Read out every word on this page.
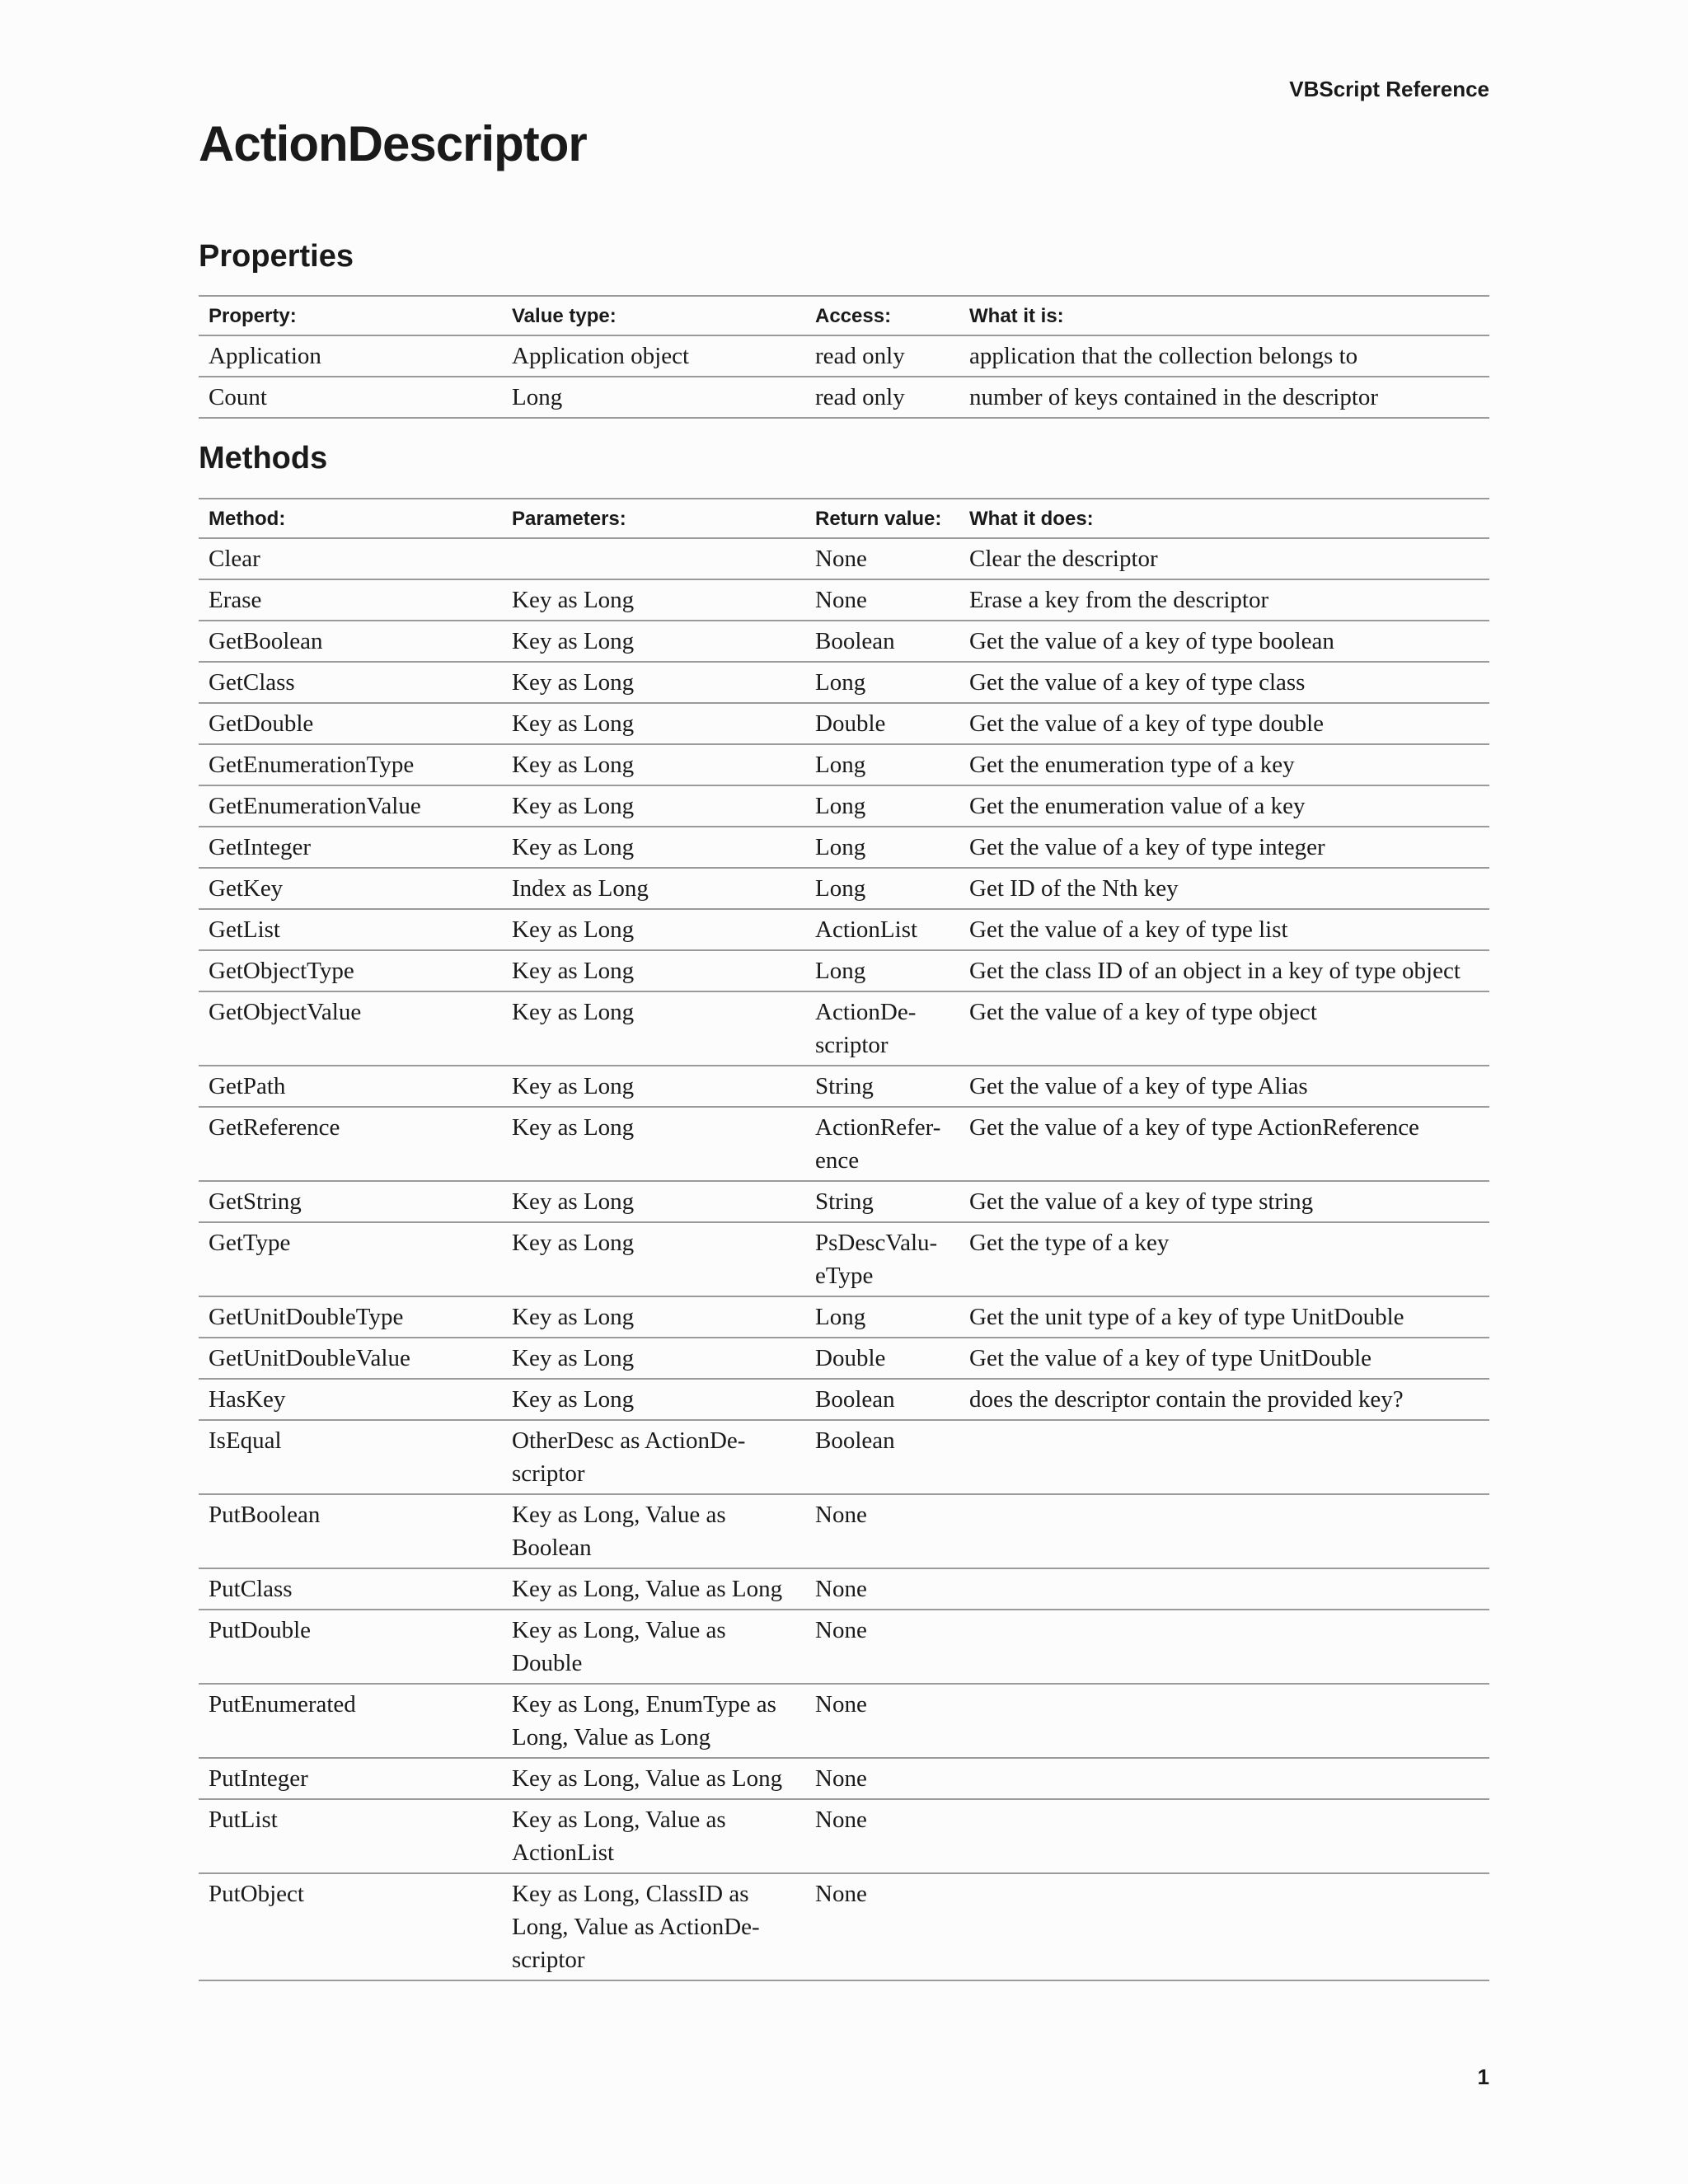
VBScript Reference
ActionDescriptor
Properties
Property:	Value type:	Access:	What it is:
Application	Application object	read only	application that the collection belongs to
Count	Long	read only	number of keys contained in the descriptor
Methods
Method:	Parameters:	Return value:	What it does:
Clear		None	Clear the descriptor
Erase	Key as Long	None	Erase a key from the descriptor
GetBoolean	Key as Long	Boolean	Get the value of a key of type boolean
GetClass	Key as Long	Long	Get the value of a key of type class
GetDouble	Key as Long	Double	Get the value of a key of type double
GetEnumerationType	Key as Long	Long	Get the enumeration type of a key
GetEnumerationValue	Key as Long	Long	Get the enumeration value of a key
GetInteger	Key as Long	Long	Get the value of a key of type integer
GetKey	Index as Long	Long	Get ID of the Nth key
GetList	Key as Long	ActionList	Get the value of a key of type list
GetObjectType	Key as Long	Long	Get the class ID of an object in a key of type object
GetObjectValue	Key as Long	ActionDe-scriptor	Get the value of a key of type object
GetPath	Key as Long	String	Get the value of a key of type Alias
GetReference	Key as Long	ActionRefer-ence	Get the value of a key of type ActionReference
GetString	Key as Long	String	Get the value of a key of type string
GetType	Key as Long	PsDescValu-eType	Get the type of a key
GetUnitDoubleType	Key as Long	Long	Get the unit type of a key of type UnitDouble
GetUnitDoubleValue	Key as Long	Double	Get the value of a key of type UnitDouble
HasKey	Key as Long	Boolean	does the descriptor contain the provided key?
IsEqual	OtherDesc as ActionDe-scriptor	Boolean	
PutBoolean	Key as Long, Value as Boolean	None	
PutClass	Key as Long, Value as Long	None	
PutDouble	Key as Long, Value as Double	None	
PutEnumerated	Key as Long, EnumType as Long, Value as Long	None	
PutInteger	Key as Long, Value as Long	None	
PutList	Key as Long, Value as ActionList	None	
PutObject	Key as Long, ClassID as Long, Value as ActionDe-scriptor	None	
1
